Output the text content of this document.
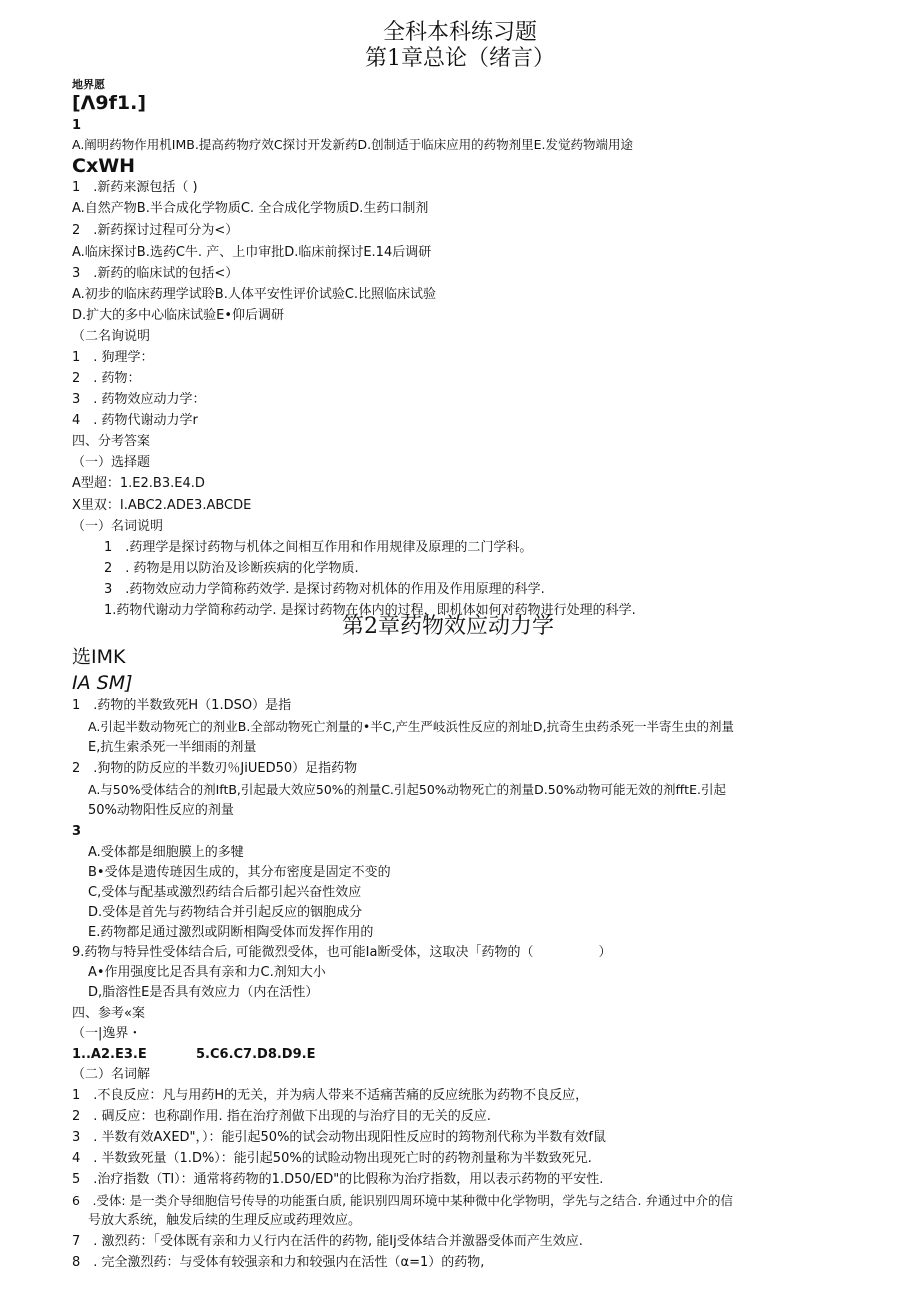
全科本科练习题
第1章总论（绪言）
地界愿
[Λ9f1.]
1
A.阐明药物作用机IMB.提高药物疗效C探讨开发新药D.创制适于临床应用的药物剂里E.发觉药物端用途
CxWH
1　.新药来源包括（ )
A.自然产物B.半合成化学物质C. 全合成化学物质D.生药口制剂
2　.新药探讨过程可分为<）
A.临床探讨B.选药C牛. 产、上巾审批D.临床前探讨E.14后调研
3　.新药的临床试的包括<）
A.初步的临床药理学试聆B.人体平安性评价试验C.比照临床试验
D.扩大的多中心临床试验E•仰后调研
（二名询说明
1　. 狗理学：
2　. 药物：
3　. 药物效应动力学：
4　. 药物代谢动力学r
四、分考答案
（一）选择题
A型超：1.E2.B3.E4.D
X里双：I.ABC2.ADE3.ABCDE
（一）名词说明
1　.药理学是探讨药物与机体之间相互作用和作用规律及原理的二门学科。
2　. 药物是用以防治及诊断疾病的化学物质.
3　.药物效应动力学简称药效学. 是探讨药物对机体的作用及作用原理的科学.
1.药物代谢动力学简称药动学. 是探讨药物在体内的过程，即机体如何对药物进行处理的科学.
第2章药物效应动力学
选IMK
IA SM]
1　.药物的半数致死H（1.DSO）是指
A.引起半数动物死亡的剂业B.全部动物死亡剂量的•半C,产生严岐浜性反应的剂址D,抗奇生虫药杀死一半寄生虫的剂量
E,抗生索杀死一半细雨的剂量
2　.狗物的防反应的半数刃％JiUED50）足指药物
A.与50%受体结合的剂IftB,引起最大效应50%的剂量C.引起50%动物死亡的剂量D.50%动物可能无效的剂fftE.引起
50%动物阳性反应的剂量
3
A.受体都是细胞膜上的多犍
B•受体是遗传琏因生成的，其分布密度是固定不变的
C,受体与配基或激烈药结合后都引起兴奋性效应
D.受体是首先与药物结合并引起反应的铟胞成分
E.药物都足通过激烈或阴断相陶受体而发挥作用的
9.药物与特异性受体结合后, 可能微烈受体，也可能Ia断受体，这取决「药物的（　　　　　）
A•作用强度比足否具有亲和力C.剂知大小
D,脂溶性E是否具有效应力（内在活性）
四、参考«案
（一|逸界・
1..A2.E3.E	5.C6.C7.D8.D9.E
（二）名词解
1　.不良反应：凡与用药H的无关，并为病人带来不适痛苦痛的反应统胀为药物不良反应，
2　. 碉反应：也称副作用. 指在治疗剂做下出现的与治疗目的无关的反应.
3　. 半数有效AXED"，）：能引起50%的试会动物出现阳性反应时的筠物剂代称为半数有效f鼠
4　. 半数致死量（1.D%）：能引起50%的试睑动物出现死亡时的药物剂量称为半数致死兄.
5　.治疗指数（TI）：通常将药物的1.D50/ED"的比假称为治疗指数，用以表示药物的平安性.
6　.受体: 是一类介导细胞信号传导的功能蛋白质, 能识别四周环境中某种微中化学物明，学先与之结合. 弁通过中介的信
号放大系统，触发后续的生理反应或药理效应。
7　. 激烈药：「受体既有亲和力乂行内在活件的药物, 能Ij受体结合并激器受体而产生效应.
8　. 完全激烈药：与受体有较强亲和力和较强内在活性（α=1）的药物,
